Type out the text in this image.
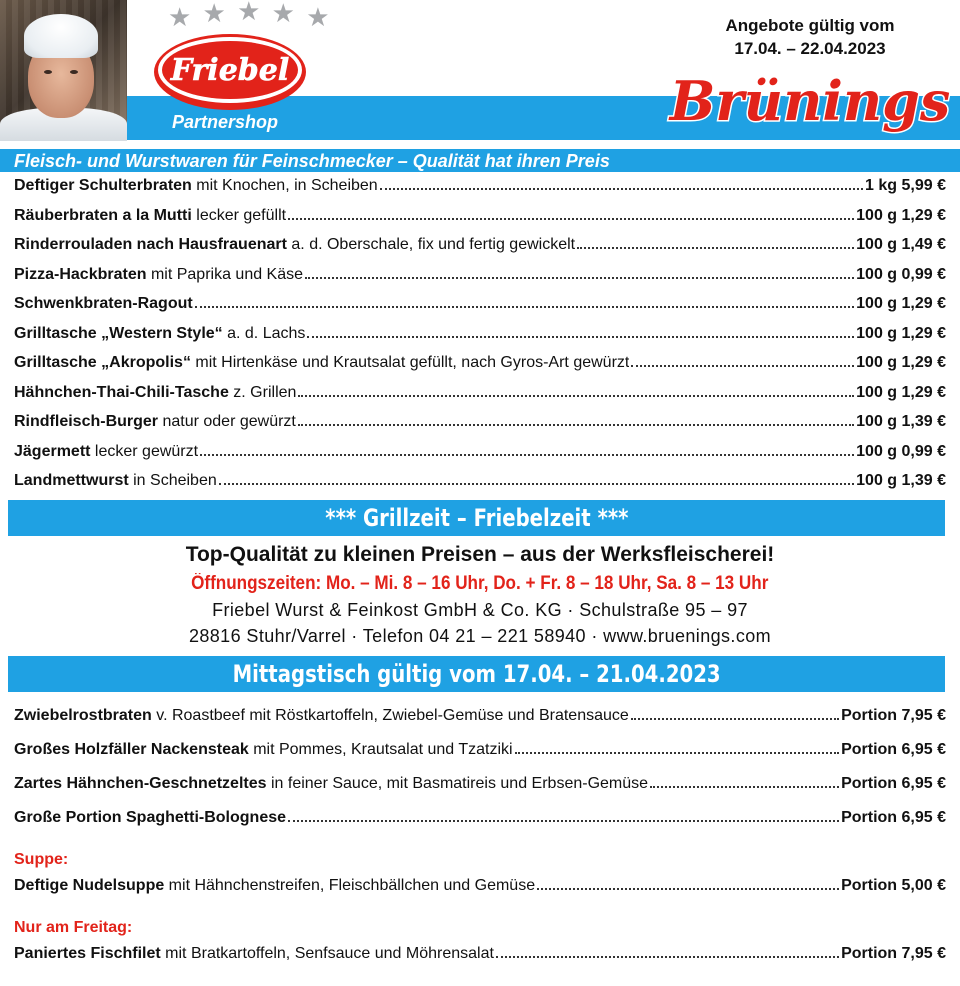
★ ★ ★ ★ ★
Friebel
Partnershop
Angebote gültig vom
17.04. – 22.04.2023
Brünings
Fleisch- und Wurstwaren für Feinschmecker – Qualität hat ihren Preis
Deftiger Schulterbraten mit Knochen, in Scheiben	1 kg 5,99 €
Räuberbraten a la Mutti lecker gefüllt	100 g 1,29 €
Rinderrouladen nach Hausfrauenart a. d. Oberschale, fix und fertig gewickelt	100 g 1,49 €
Pizza-Hackbraten mit Paprika und Käse	100 g 0,99 €
Schwenkbraten-Ragout	100 g 1,29 €
Grilltasche „Western Style“ a. d. Lachs	100 g 1,29 €
Grilltasche „Akropolis“ mit Hirtenkäse und Krautsalat gefüllt, nach Gyros-Art gewürzt	100 g 1,29 €
Hähnchen-Thai-Chili-Tasche z. Grillen	100 g 1,29 €
Rindfleisch-Burger natur oder gewürzt	100 g 1,39 €
Jägermett lecker gewürzt	100 g 0,99 €
Landmettwurst in Scheiben	100 g 1,39 €
*** Grillzeit – Friebelzeit ***
Top-Qualität zu kleinen Preisen – aus der Werksfleischerei!
Öffnungszeiten: Mo. – Mi. 8 – 16 Uhr, Do. + Fr. 8 – 18 Uhr, Sa. 8 – 13 Uhr
Friebel Wurst & Feinkost GmbH & Co. KG · Schulstraße 95 – 97
28816 Stuhr/Varrel · Telefon 04 21 – 221 58940 · www.bruenings.com
Mittagstisch gültig vom 17.04. – 21.04.2023
Zwiebelrostbraten v. Roastbeef mit Röstkartoffeln, Zwiebel-Gemüse und Bratensauce	Portion 7,95 €
Großes Holzfäller Nackensteak mit Pommes, Krautsalat und Tzatziki	Portion 6,95 €
Zartes Hähnchen-Geschnetzeltes in feiner Sauce, mit Basmatireis und Erbsen-Gemüse	Portion 6,95 €
Große Portion Spaghetti-Bolognese	Portion 6,95 €
Suppe:
Deftige Nudelsuppe mit Hähnchenstreifen, Fleischbällchen und Gemüse	Portion 5,00 €
Nur am Freitag:
Paniertes Fischfilet mit Bratkartoffeln, Senfsauce und Möhrensalat	Portion 7,95 €
